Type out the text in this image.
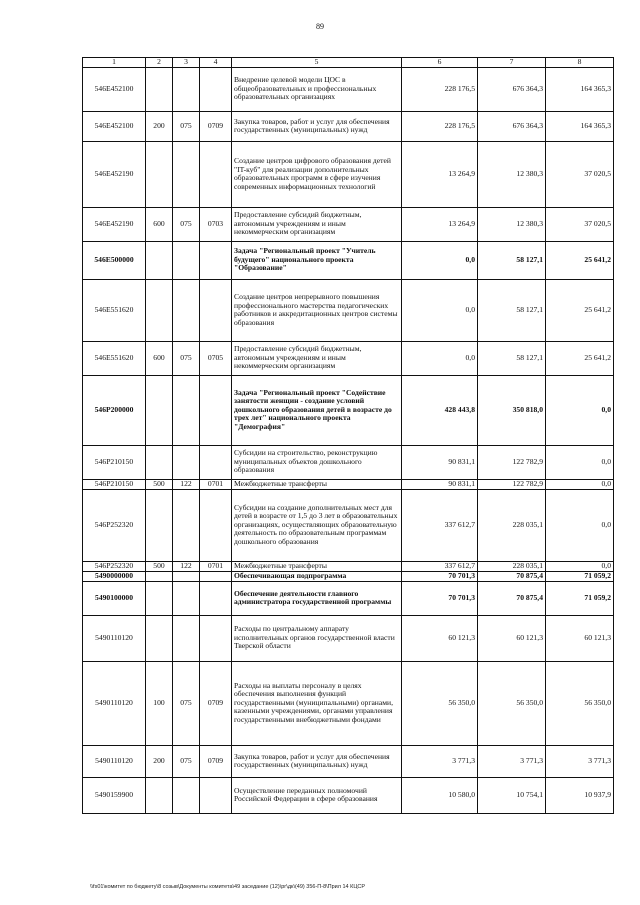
89
1	2	3	4	5	6	7	8
546E452100				Внедрение целевой модели ЦОС в общеобразовательных и профессиональных образовательных организациях	228 176,5	676 364,3	164 365,3
546E452100	200	075	0709	Закупка товаров, работ и услуг для обеспечения государственных (муниципальных) нужд	228 176,5	676 364,3	164 365,3
546E452190				Создание центров цифрового образования детей "IT-куб" для реализации дополнительных образовательных программ в сфере изучения современных информационных технологий	13 264,9	12 380,3	37 020,5
546E452190	600	075	0703	Предоставление субсидий бюджетным, автономным учреждениям и иным некоммерческим организациям	13 264,9	12 380,3	37 020,5
546E500000				Задача "Региональный проект "Учитель будущего" национального проекта "Образование"	0,0	58 127,1	25 641,2
546E551620				Создание центров непрерывного повышения профессионального мастерства педагогических работников и аккредитационных центров системы образования	0,0	58 127,1	25 641,2
546E551620	600	075	0705	Предоставление субсидий бюджетным, автономным учреждениям и иным некоммерческим организациям	0,0	58 127,1	25 641,2
546P200000				Задача "Региональный проект "Содействие занятости женщин - создание условий дошкольного образования детей в возрасте до трех лет" национального проекта "Демография"	428 443,8	350 818,0	0,0
546P210150				Субсидии на строительство, реконструкцию муниципальных объектов дошкольного образования	90 831,1	122 782,9	0,0
546P210150	500	122	0701	Межбюджетные трансферты	90 831,1	122 782,9	0,0
546P252320				Субсидии на создание дополнительных мест для детей в возрасте от 1,5 до 3 лет в образовательных организациях, осуществляющих образовательную деятельность по образовательным программам дошкольного образования	337 612,7	228 035,1	0,0
546P252320	500	122	0701	Межбюджетные трансферты	337 612,7	228 035,1	0,0
5490000000				Обеспечивающая подпрограмма	70 701,3	70 875,4	71 059,2
5490100000				Обеспечение деятельности главного администратора государственной программы	70 701,3	70 875,4	71 059,2
5490110120				Расходы по центральному аппарату исполнительных органов государственной власти Тверской области	60 121,3	60 121,3	60 121,3
5490110120	100	075	0709	Расходы на выплаты персоналу в целях обеспечения выполнения функций государственными (муниципальными) органами, казенными учреждениями, органами управления государственными внебюджетными фондами	56 350,0	56 350,0	56 350,0
5490110120	200	075	0709	Закупка товаров, работ и услуг для обеспечения государственных (муниципальных) нужд	3 771,3	3 771,3	3 771,3
5490159900				Осуществление переданных полномочий Российской Федерации в сфере образования	10 580,0	10 754,1	10 937,9
\\fs01\комитет по бюджету\8 созыв\Документы комитета\49 заседание (12)\рг\дк\(49) 356-П-8\Прил 14 КЦСР
